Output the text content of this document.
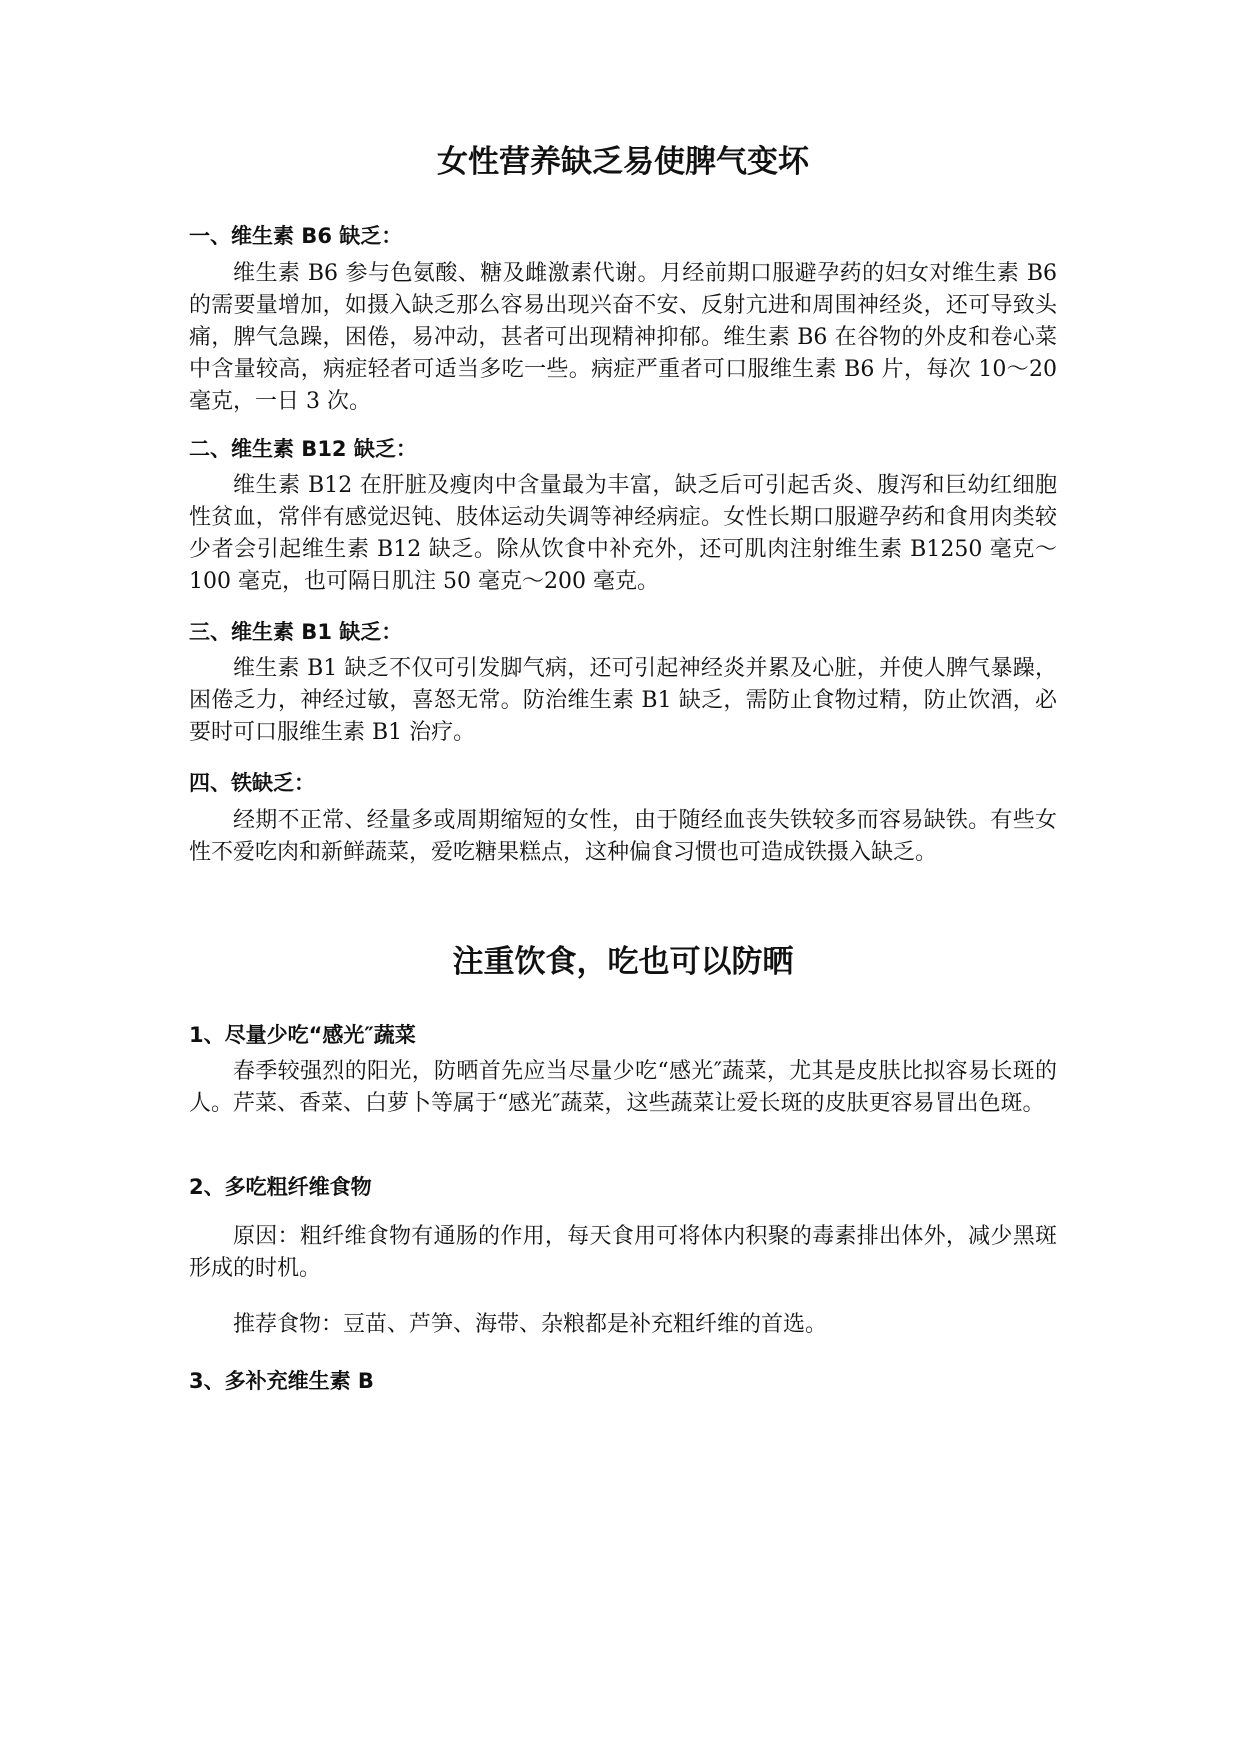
女性营养缺乏易使脾气变坏
一、维生素 B6 缺乏：

维生素 B6 参与色氨酸、糖及雌激素代谢。月经前期口服避孕药的妇女对维生素 B6 的需要量增加，如摄入缺乏那么容易出现兴奋不安、反射亢进和周围神经炎，还可导致头痛，脾气急躁，困倦，易冲动，甚者可出现精神抑郁。维生素 B6 在谷物的外皮和卷心菜中含量较高，病症轻者可适当多吃一些。病症严重者可口服维生素 B6 片，每次 10～20 毫克，一日 3 次。

二、维生素 B12 缺乏：

维生素 B12 在肝脏及瘦肉中含量最为丰富，缺乏后可引起舌炎、腹泻和巨幼红细胞性贫血，常伴有感觉迟钝、肢体运动失调等神经病症。女性长期口服避孕药和食用肉类较少者会引起维生素 B12 缺乏。除从饮食中补充外，还可肌肉注射维生素 B1250 毫克～100 毫克，也可隔日肌注 50 毫克～200 毫克。

三、维生素 B1 缺乏：

维生素 B1 缺乏不仅可引发脚气病，还可引起神经炎并累及心脏，并使人脾气暴躁，困倦乏力，神经过敏，喜怒无常。防治维生素 B1 缺乏，需防止食物过精，防止饮酒，必要时可口服维生素 B1 治疗。

四、铁缺乏：

经期不正常、经量多或周期缩短的女性，由于随经血丧失铁较多而容易缺铁。有些女性不爱吃肉和新鲜蔬菜，爱吃糖果糕点，这种偏食习惯也可造成铁摄入缺乏。

注重饮食，吃也可以防晒
1、尽量少吃“感光″蔬菜

春季较强烈的阳光，防晒首先应当尽量少吃“感光″蔬菜，尤其是皮肤比拟容易长斑的人。芹菜、香菜、白萝卜等属于“感光″蔬菜，这些蔬菜让爱长斑的皮肤更容易冒出色斑。

2、多吃粗纤维食物

原因：粗纤维食物有通肠的作用，每天食用可将体内积聚的毒素排出体外，减少黑斑形成的时机。

推荐食物：豆苗、芦笋、海带、杂粮都是补充粗纤维的首选。

3、多补充维生素 B
